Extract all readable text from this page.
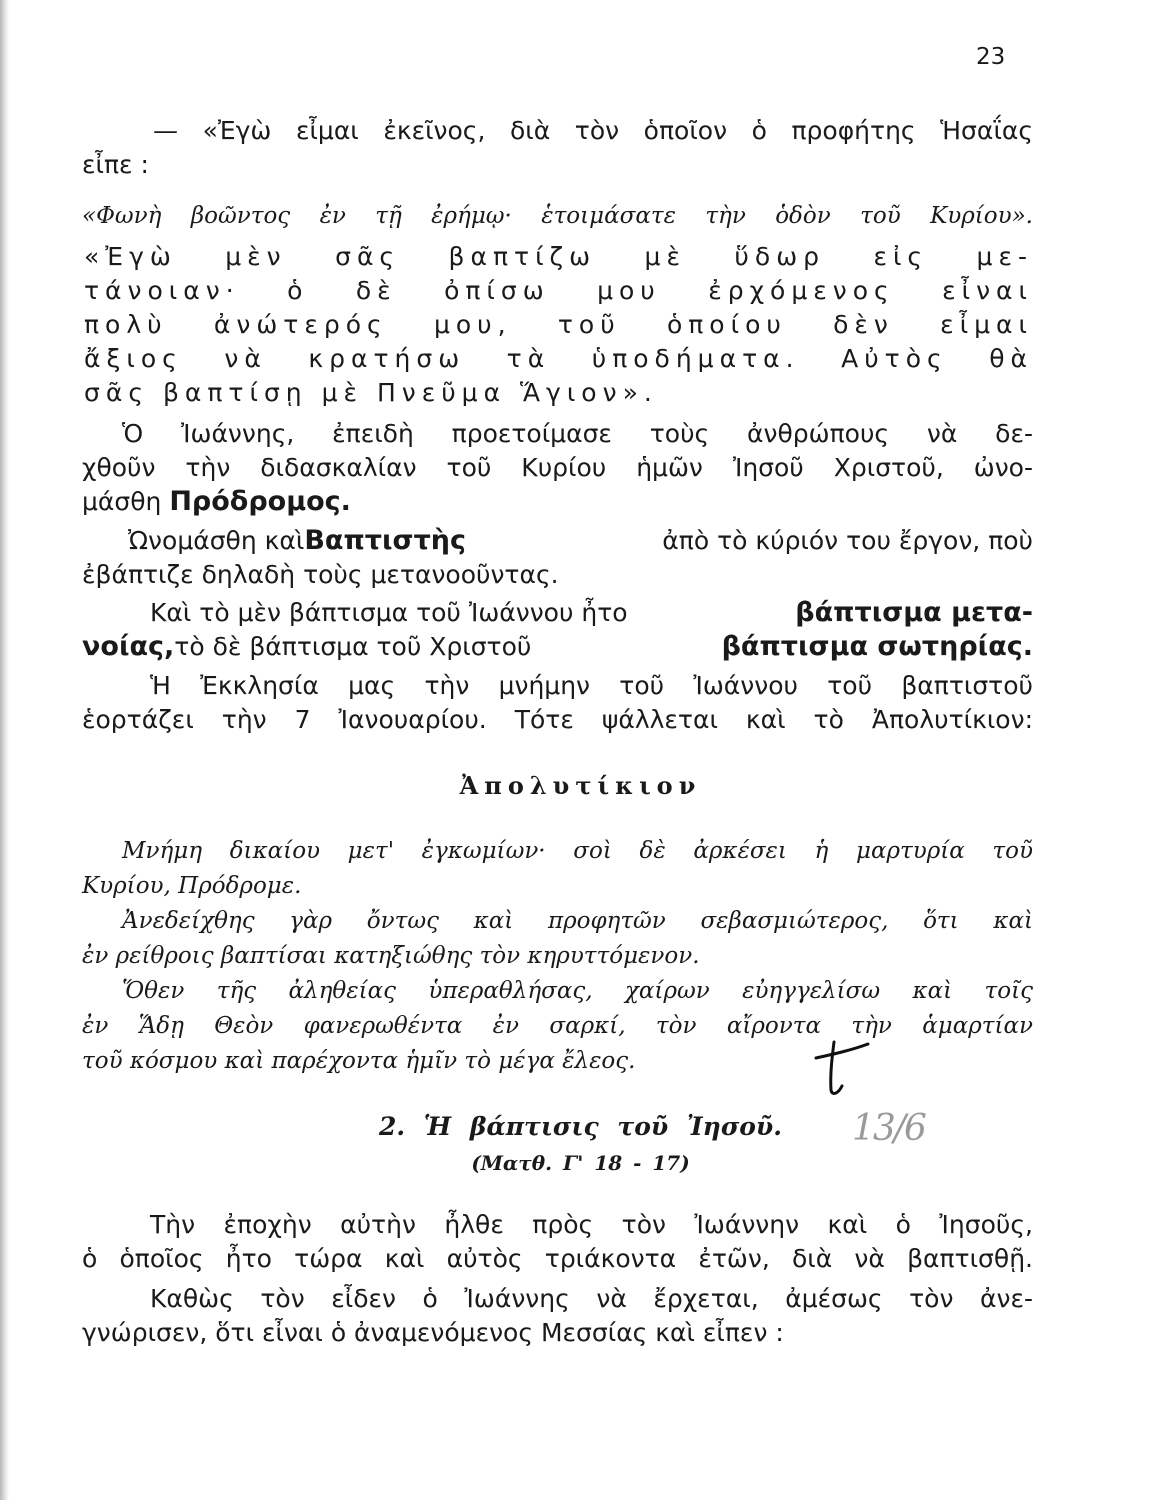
23

— «Ἐγὼ εἶμαι ἐκεῖνος, διὰ τὸν ὁποῖον ὁ προφήτης Ἡσαΐας

εἶπε :

«Φωνὴ βοῶντος ἐν τῇ ἐρήμῳ· ἑτοιμάσατε τὴν ὁδὸν τοῦ Κυρίου».

«Ἐγὼ μὲν σᾶς βαπτίζω μὲ ὕδωρ εἰς με-

τάνοιαν· ὁ δὲ ὀπίσω μου ἐρχόμενος εἶναι

πολὺ ἀνώτερός μου, τοῦ ὁποίου δὲν εἶμαι

ἄξιος νὰ κρατήσω τὰ ὑποδήματα. Αὐτὸς θὰ

σᾶς βαπτίσῃ μὲ Πνεῦμα Ἅγιον».

Ὁ Ἰωάννης, ἐπειδὴ προετοίμασε τοὺς ἀνθρώπους νὰ δε-

χθοῦν τὴν διδασκαλίαν τοῦ Κυρίου ἡμῶν Ἰησοῦ Χριστοῦ, ὠνο-

μάσθη Πρόδρομος.

Ὠνομάσθη καὶ Βαπτιστὴς	ἀπὸ τὸ κύριόν του ἔργον, ποὺ

ἐβάπτιζε δηλαδὴ τοὺς μετανοοῦντας.

Καὶ τὸ μὲν βάπτισμα τοῦ Ἰωάννου ἦτο	βάπτισμα μετα-

νοίας, τὸ δὲ βάπτισμα τοῦ Χριστοῦ	βάπτισμα σωτηρίας.

Ἡ Ἐκκλησία μας τὴν μνήμην τοῦ Ἰωάννου τοῦ βαπτιστοῦ

ἑορτάζει τὴν 7 Ἰανουαρίου. Τότε ψάλλεται καὶ τὸ Ἀπολυτίκιον:

Ἀπολυτίκιον

Μνήμη δικαίου μετ' ἐγκωμίων· σοὶ δὲ ἀρκέσει ἡ μαρτυρία τοῦ

Κυρίου, Πρόδρομε.

Ἀνεδείχθης γὰρ ὄντως καὶ προφητῶν σεβασμιώτερος, ὅτι καὶ

ἐν ρείθροις βαπτίσαι κατηξιώθης τὸν κηρυττόμενον.

Ὅθεν τῆς ἀληθείας ὑπεραθλήσας, χαίρων εὐηγγελίσω καὶ τοῖς

ἐν Ἅδῃ Θεὸν φανερωθέντα ἐν σαρκί, τὸν αἴροντα τὴν ἁμαρτίαν

τοῦ κόσμου καὶ παρέχοντα ἡμῖν τὸ μέγα ἔλεος.

2. Ἡ βάπτισις τοῦ Ἰησοῦ.

(Ματθ. Γ' 18 - 17)

13/6

Τὴν ἐποχὴν αὐτὴν ἦλθε πρὸς τὸν Ἰωάννην καὶ ὁ Ἰησοῦς,

ὁ ὁποῖος ἦτο τώρα καὶ αὐτὸς τριάκοντα ἐτῶν, διὰ νὰ βαπτισθῇ.

Καθὼς τὸν εἶδεν ὁ Ἰωάννης νὰ ἔρχεται, ἀμέσως τὸν ἀνε-

γνώρισεν, ὅτι εἶναι ὁ ἀναμενόμενος Μεσσίας καὶ εἶπεν :
